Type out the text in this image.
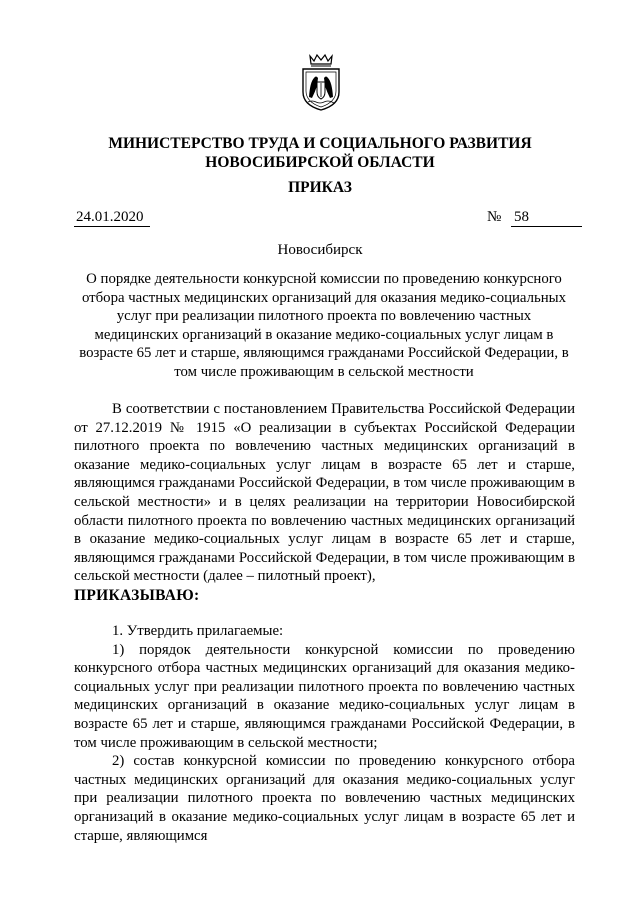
МИНИСТЕРСТВО ТРУДА И СОЦИАЛЬНОГО РАЗВИТИЯ
НОВОСИБИРСКОЙ ОБЛАСТИ
ПРИКАЗ
24.01.2020	№ 58
Новосибирск
О порядке деятельности конкурсной комиссии по проведению конкурсного отбора частных медицинских организаций для оказания медико-социальных услуг при реализации пилотного проекта по вовлечению частных медицинских организаций в оказание медико-социальных услуг лицам в возрасте 65 лет и старше, являющимся гражданами Российской Федерации, в том числе проживающим в сельской местности
В соответствии с постановлением Правительства Российской Федерации от 27.12.2019 № 1915 «О реализации в субъектах Российской Федерации пилотного проекта по вовлечению частных медицинских организаций в оказание медико-социальных услуг лицам в возрасте 65 лет и старше, являющимся гражданами Российской Федерации, в том числе проживающим в сельской местности» и в целях реализации на территории Новосибирской области пилотного проекта по вовлечению частных медицинских организаций в оказание медико-социальных услуг лицам в возрасте 65 лет и старше, являющимся гражданами Российской Федерации, в том числе проживающим в сельской местности (далее – пилотный проект),
ПРИКАЗЫВАЮ:

1. Утвердить прилагаемые:

1) порядок деятельности конкурсной комиссии по проведению конкурсного отбора частных медицинских организаций для оказания медико-социальных услуг при реализации пилотного проекта по вовлечению частных медицинских организаций в оказание медико-социальных услуг лицам в возрасте 65 лет и старше, являющимся гражданами Российской Федерации, в том числе проживающим в сельской местности;

2) состав конкурсной комиссии по проведению конкурсного отбора частных медицинских организаций для оказания медико-социальных услуг при реализации пилотного проекта по вовлечению частных медицинских организаций в оказание медико-социальных услуг лицам в возрасте 65 лет и старше, являющимся
